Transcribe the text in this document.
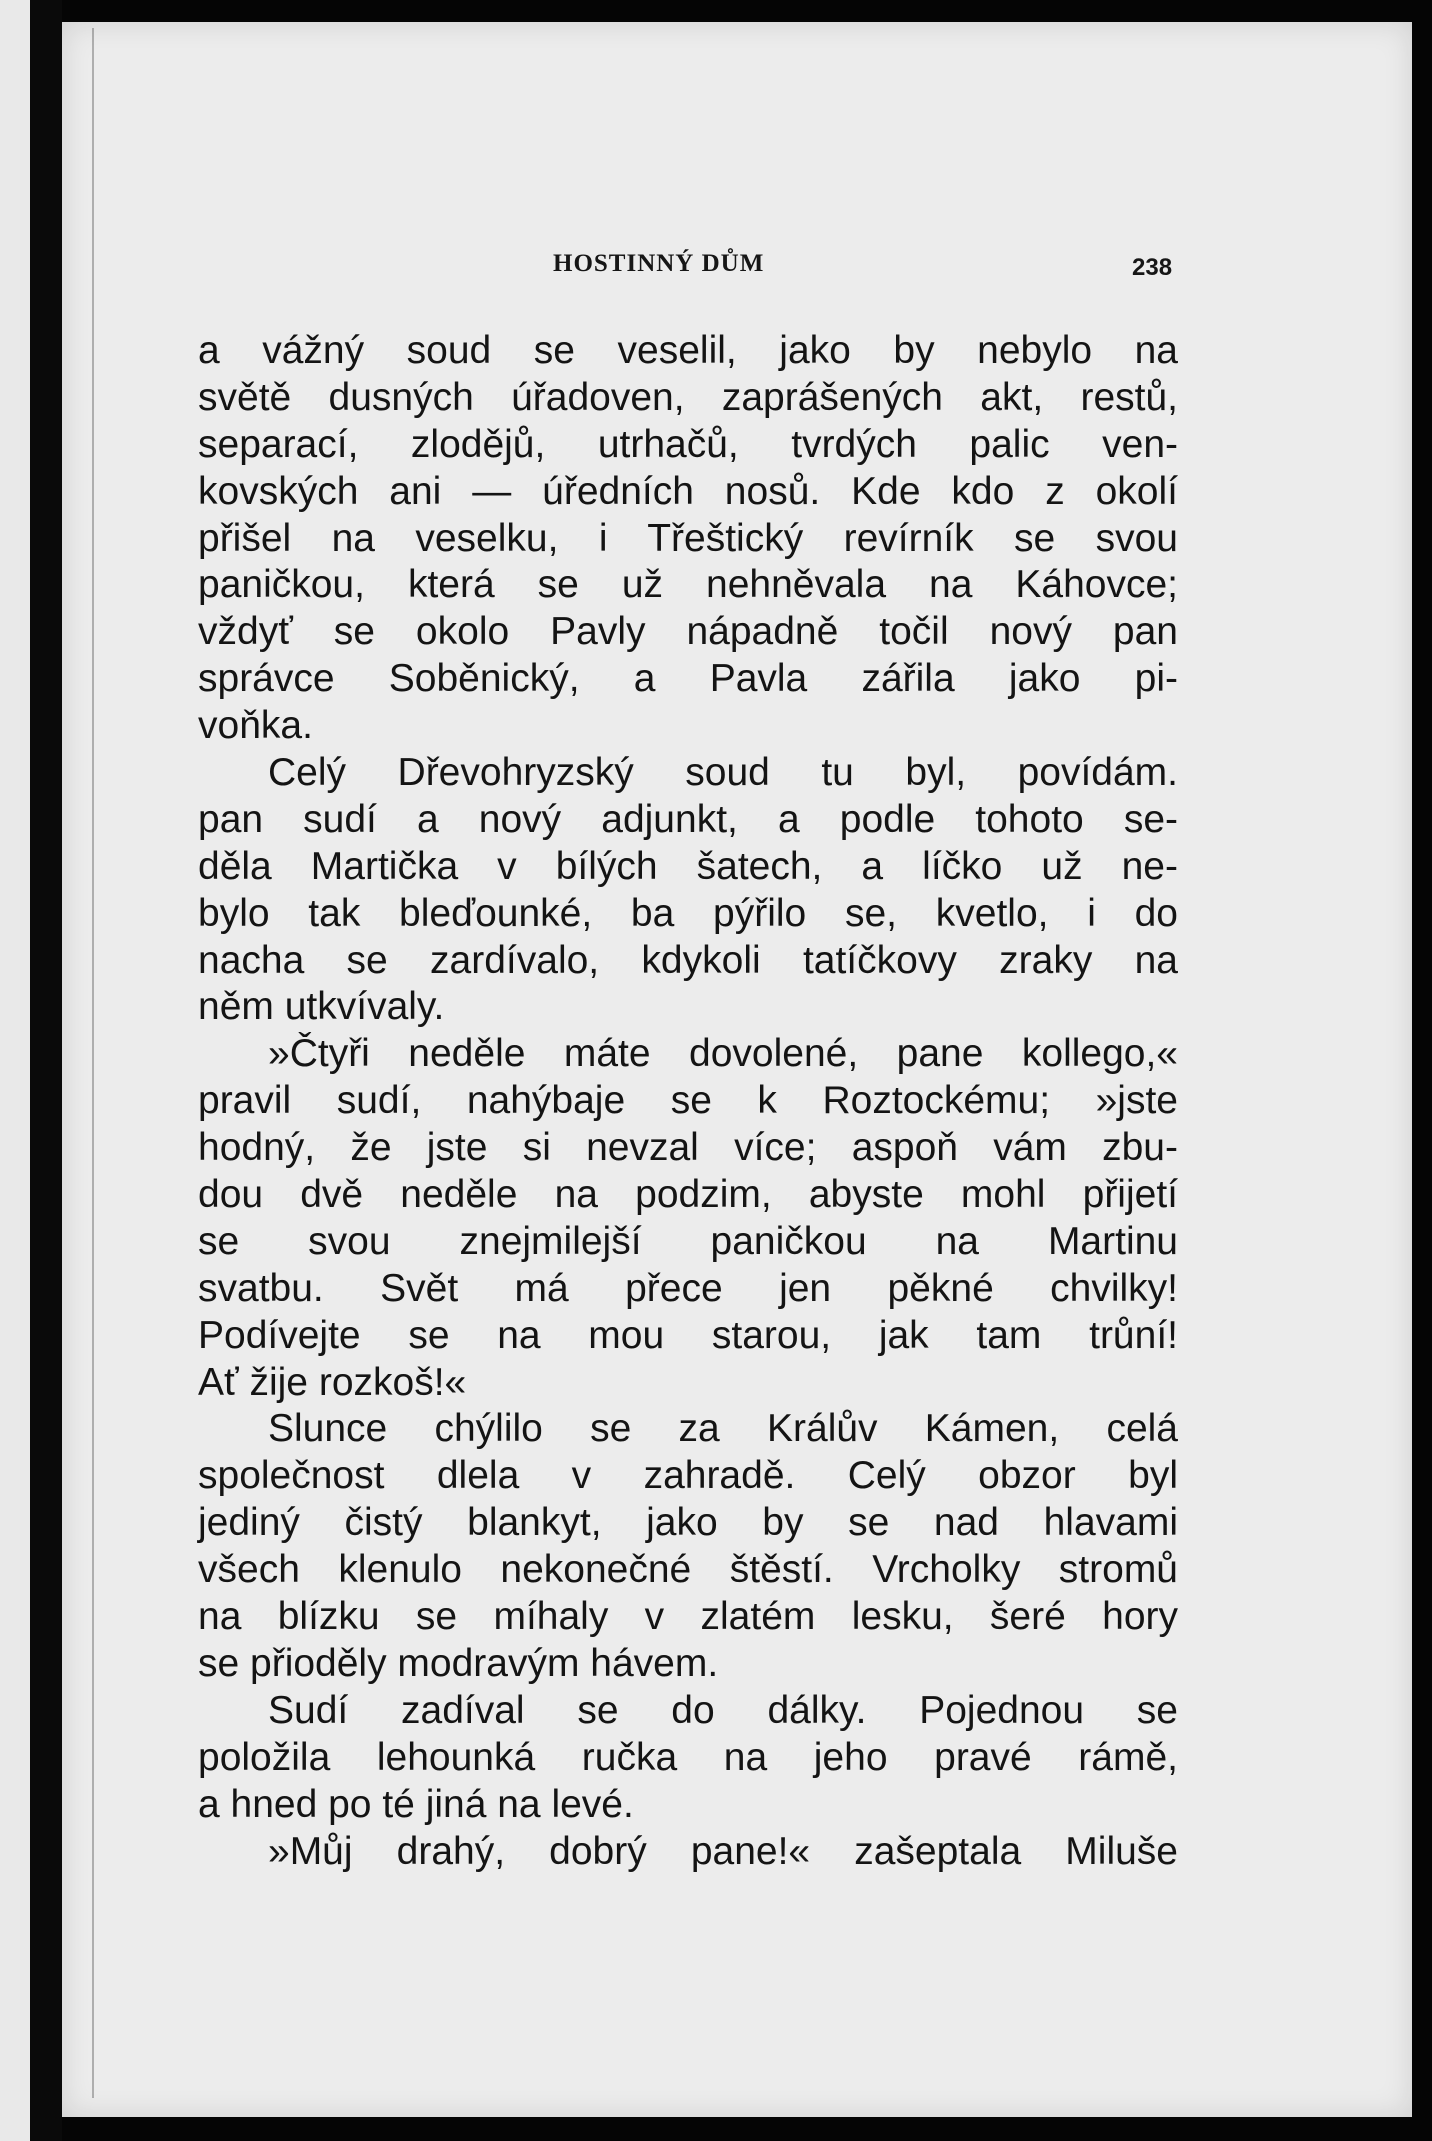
HOSTINNÝ DŮM	238
a vážný soud se veselil, jako by nebylo na
světě dusných úřadoven, zaprášených akt, restů,
separací, zlodějů, utrhačů, tvrdých palic ven-
kovských ani — úředních nosů. Kde kdo z okolí
přišel na veselku, i Třeštický revírník se svou
paničkou, která se už nehněvala na Káhovce;
vždyť se okolo Pavly nápadně točil nový pan
správce Soběnický, a Pavla zářila jako pi-
voňka.
Celý Dřevohryzský soud tu byl, povídám.
pan sudí a nový adjunkt, a podle tohoto se-
děla Martička v bílých šatech, a líčko už ne-
bylo tak bleďounké, ba pýřilo se, kvetlo, i do
nacha se zardívalo, kdykoli tatíčkovy zraky na
něm utkvívaly.
»Čtyři neděle máte dovolené, pane kollego,«
pravil sudí, nahýbaje se k Roztockému; »jste
hodný, že jste si nevzal více; aspoň vám zbu-
dou dvě neděle na podzim, abyste mohl přijetí
se svou znejmilejší paničkou na Martinu
svatbu. Svět má přece jen pěkné chvilky!
Podívejte se na mou starou, jak tam trůní!
Ať žije rozkoš!«
Slunce chýlilo se za Králův Kámen, celá
společnost dlela v zahradě. Celý obzor byl
jediný čistý blankyt, jako by se nad hlavami
všech klenulo nekonečné štěstí. Vrcholky stromů
na blízku se míhaly v zlatém lesku, šeré hory
se přioděly modravým hávem.
Sudí zadíval se do dálky. Pojednou se
položila lehounká ručka na jeho pravé rámě,
a hned po té jiná na levé.
»Můj drahý, dobrý pane!« zašeptala Miluše
